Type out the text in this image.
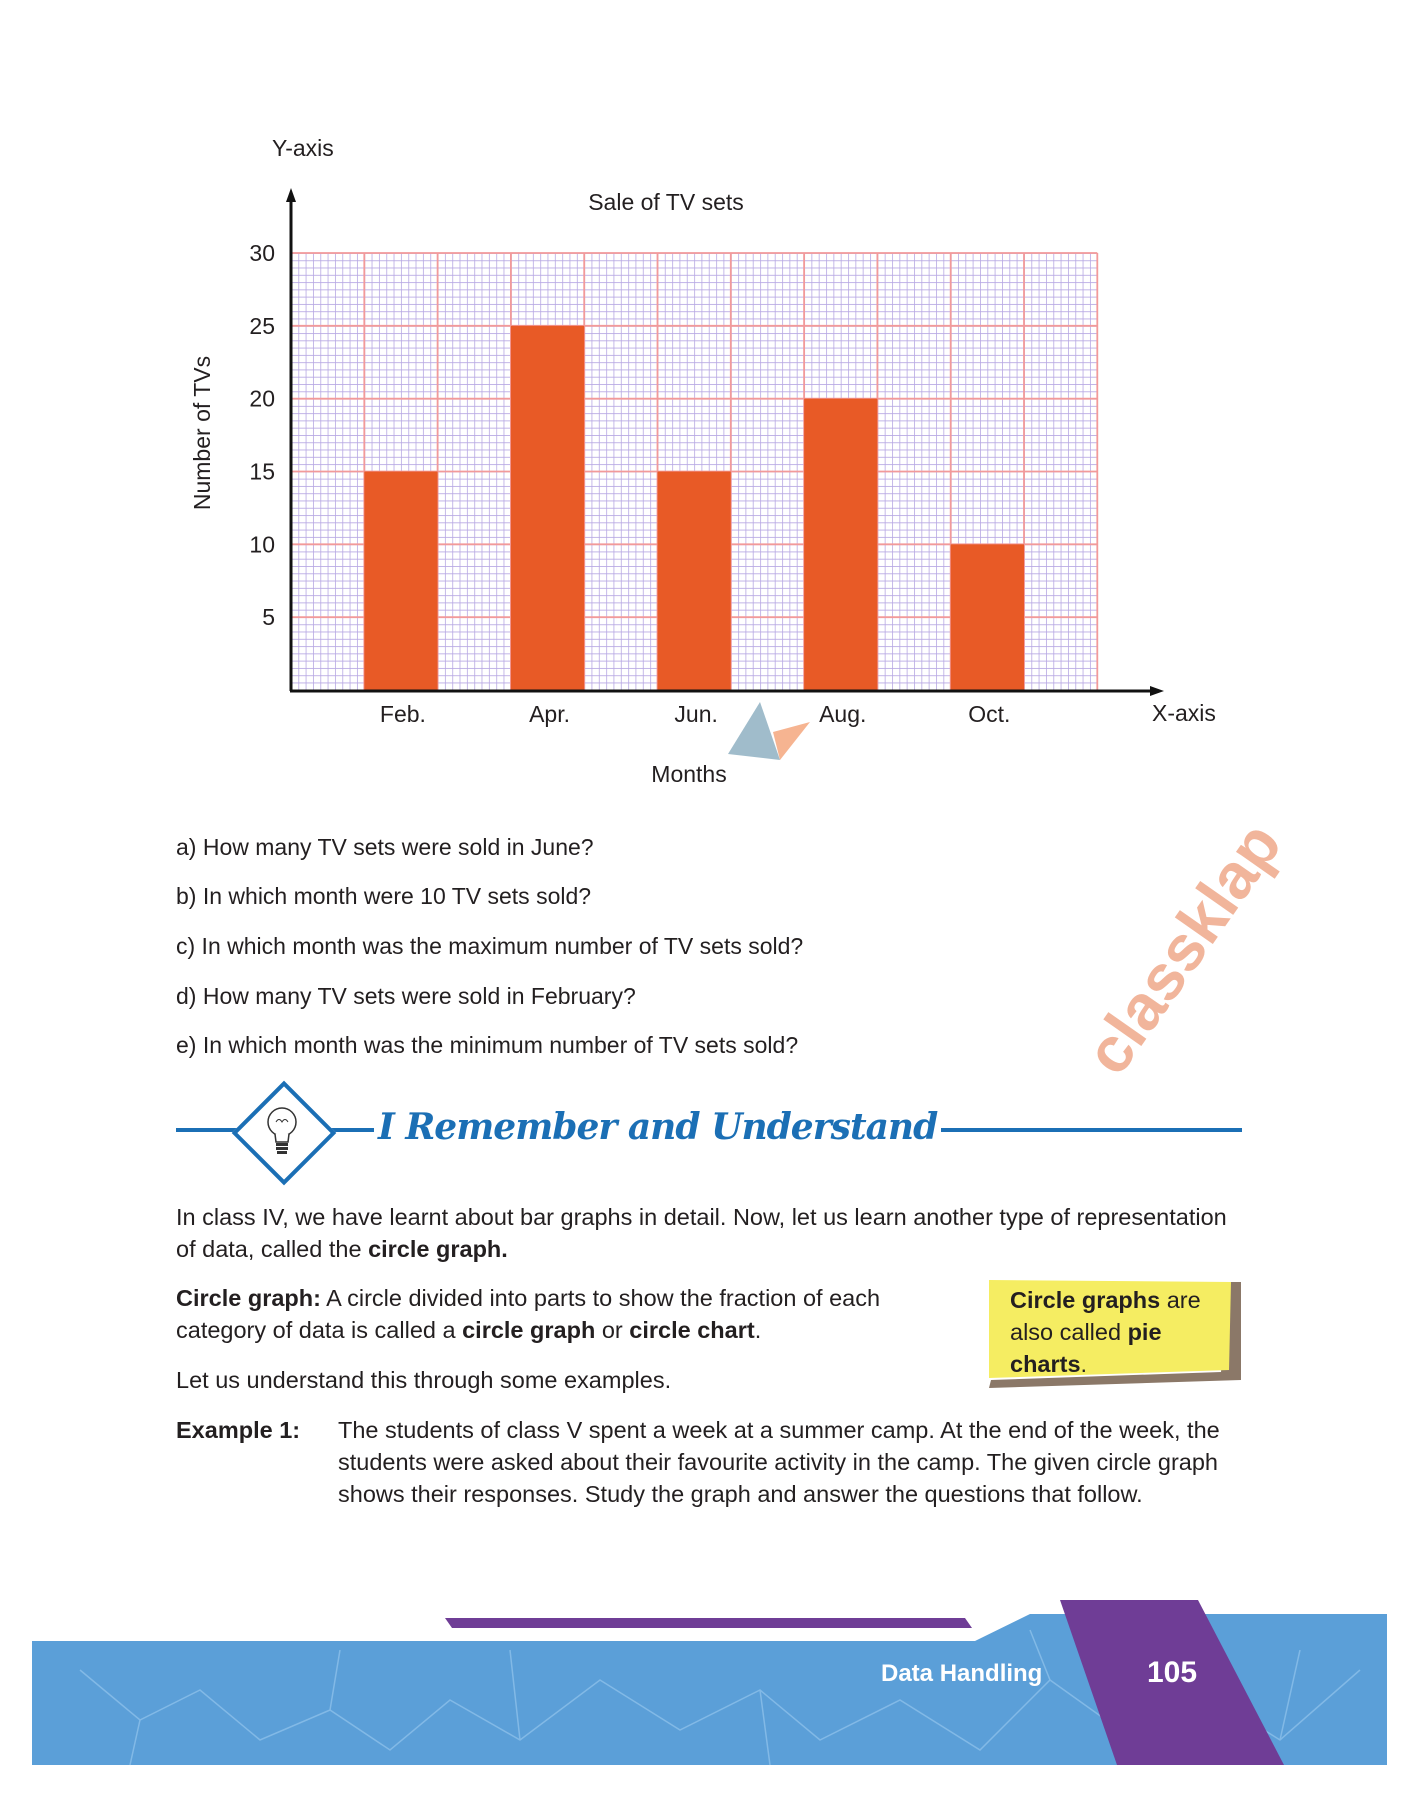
5
10
15
20
25
30
Feb.	Apr.	Jun.	Aug.	Oct.
Y-axis
Sale of TV sets
X-axis
Months
Number of TVs
a) How many TV sets were sold in June?
b) In which month were 10 TV sets sold?
c) In which month was the maximum number of TV sets sold?
d) How many TV sets were sold in February?
e) In which month was the minimum number of TV sets sold?
I Remember and Understand
In class IV, we have learnt about bar graphs in detail. Now, let us learn another type of representation of data, called the circle graph.
Circle graph: A circle divided into parts to show the fraction of each category of data is called a circle graph or circle chart.
Let us understand this through some examples.
Circle graphs are also called pie charts.
Example 1: The students of class V spent a week at a summer camp. At the end of the week, the students were asked about their favourite activity in the camp. The given circle graph shows their responses. Study the graph and answer the questions that follow.
Data Handling	105
classklap
